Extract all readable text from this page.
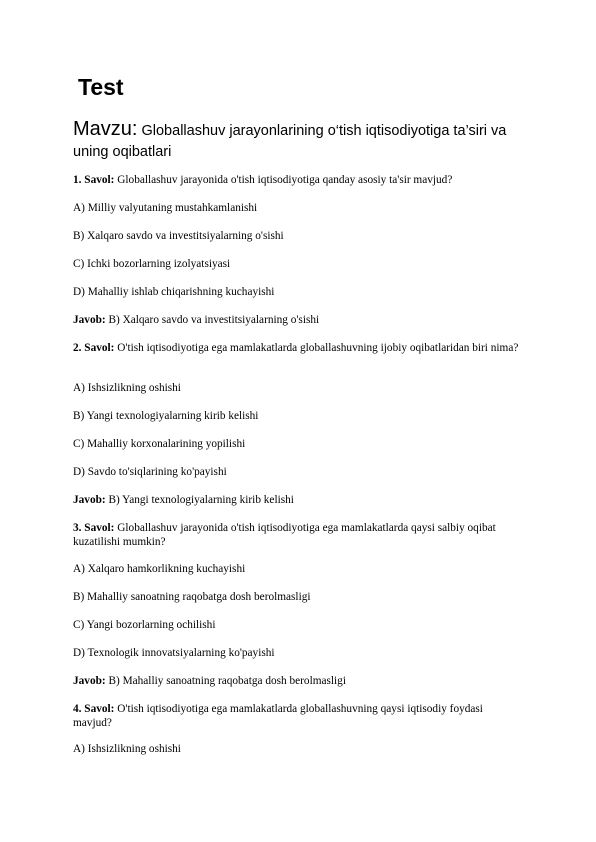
Test
Mavzu: Globallashuv jarayonlarining o‘tish iqtisodiyotiga ta’siri va uning oqibatlari
1. Savol: Globallashuv jarayonida o'tish iqtisodiyotiga qanday asosiy ta'sir mavjud?
A) Milliy valyutaning mustahkamlanishi
B) Xalqaro savdo va investitsiyalarning o'sishi
C) Ichki bozorlarning izolyatsiyasi
D) Mahalliy ishlab chiqarishning kuchayishi
Javob: B) Xalqaro savdo va investitsiyalarning o'sishi
2. Savol: O'tish iqtisodiyotiga ega mamlakatlarda globallashuvning ijobiy oqibatlaridan biri nima?
A) Ishsizlikning oshishi
B) Yangi texnologiyalarning kirib kelishi
C) Mahalliy korxonalarining yopilishi
D) Savdo to'siqlarining ko'payishi
Javob: B) Yangi texnologiyalarning kirib kelishi
3. Savol: Globallashuv jarayonida o'tish iqtisodiyotiga ega mamlakatlarda qaysi salbiy oqibat kuzatilishi mumkin?
A) Xalqaro hamkorlikning kuchayishi
B) Mahalliy sanoatning raqobatga dosh berolmasligi
C) Yangi bozorlarning ochilishi
D) Texnologik innovatsiyalarning ko'payishi
Javob: B) Mahalliy sanoatning raqobatga dosh berolmasligi
4. Savol: O'tish iqtisodiyotiga ega mamlakatlarda globallashuvning qaysi iqtisodiy foydasi mavjud?
A) Ishsizlikning oshishi
